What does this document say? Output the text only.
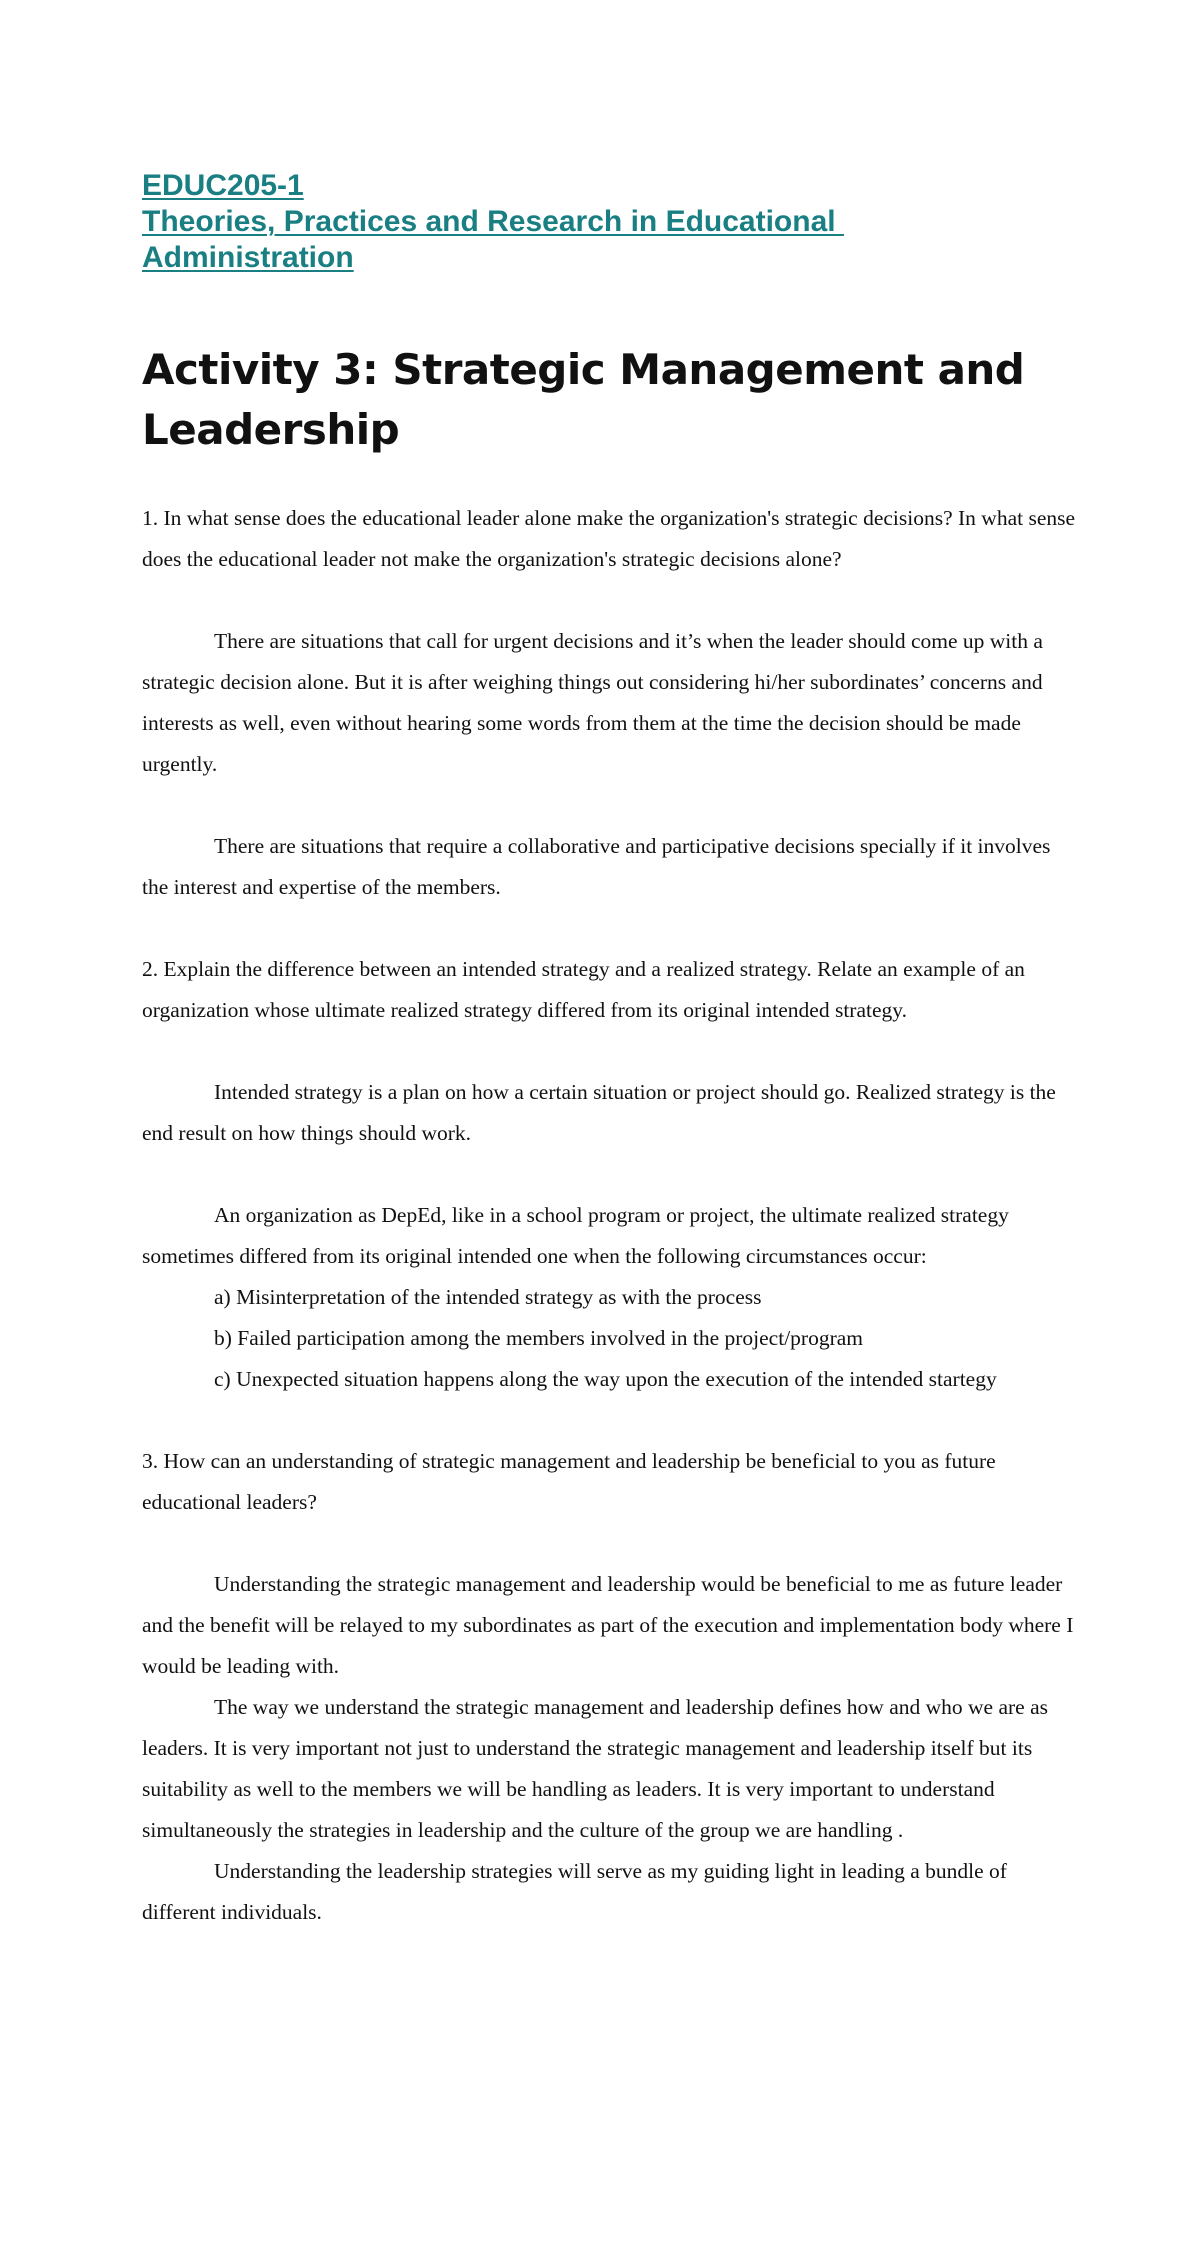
EDUC205-1
Theories, Practices and Research in Educational
Administration
Activity 3: Strategic Management and Leadership

1. In what sense does the educational leader alone make the organization's strategic decisions? In what sense does the educational leader not make the organization's strategic decisions alone?

There are situations that call for urgent decisions and it’s when the leader should come up with a strategic decision alone. But it is after weighing things out considering hi/her subordinates’ concerns and interests as well, even without hearing some words from them at the time the decision should be made urgently.

There are situations that require a collaborative and participative decisions specially if it involves the interest and expertise of the members.

2. Explain the difference between an intended strategy and a realized strategy. Relate an example of an organization whose ultimate realized strategy differed from its original intended strategy.

Intended strategy is a plan on how a certain situation or project should go. Realized strategy is the end result on how things should work.

An organization as DepEd, like in a school program or project, the ultimate realized strategy sometimes differed from its original intended one when the following circumstances occur:

a) Misinterpretation of the intended strategy as with the process

b) Failed participation among the members involved in the project/program

c) Unexpected situation happens along the way upon the execution of the intended startegy

3. How can an understanding of strategic management and leadership be beneficial to you as future educational leaders?

Understanding the strategic management and leadership would be beneficial to me as future leader and the benefit will be relayed to my subordinates as part of the execution and implementation body where I would be leading with.

The way we understand the strategic management and leadership defines how and who we are as leaders. It is very important not just to understand the strategic management and leadership itself but its suitability as well to the members we will be handling as leaders. It is very important to understand simultaneously the strategies in leadership and the culture of the group we are handling .

Understanding the leadership strategies will serve as my guiding light in leading a bundle of different individuals.
